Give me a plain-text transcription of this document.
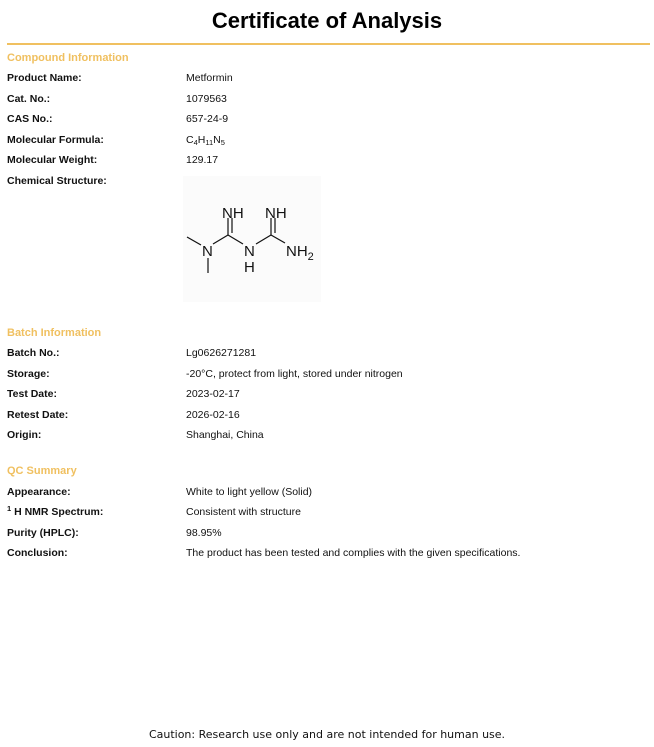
Certificate of Analysis
Compound Information
Product Name:	Metformin
Cat. No.:	1079563
CAS No.:	657-24-9
Molecular Formula:	$C_4H_{11}N_5$
Molecular Weight:	129.17
Chemical Structure:
NH NH
N N
H
$NH_2$
Batch Information
Batch No.:	Lg0626271281
Storage:	-20°C, protect from light, stored under nitrogen
Test Date:	2023-02-17
Retest Date:	2026-02-16
Origin:	Shanghai, China
QC Summary
Appearance:	White to light yellow (Solid)
$^1$ H NMR Spectrum:	Consistent with structure
Purity (HPLC):	98.95%
Conclusion:	The product has been tested and complies with the given specifications.
Caution: Research use only and are not intended for human use.
